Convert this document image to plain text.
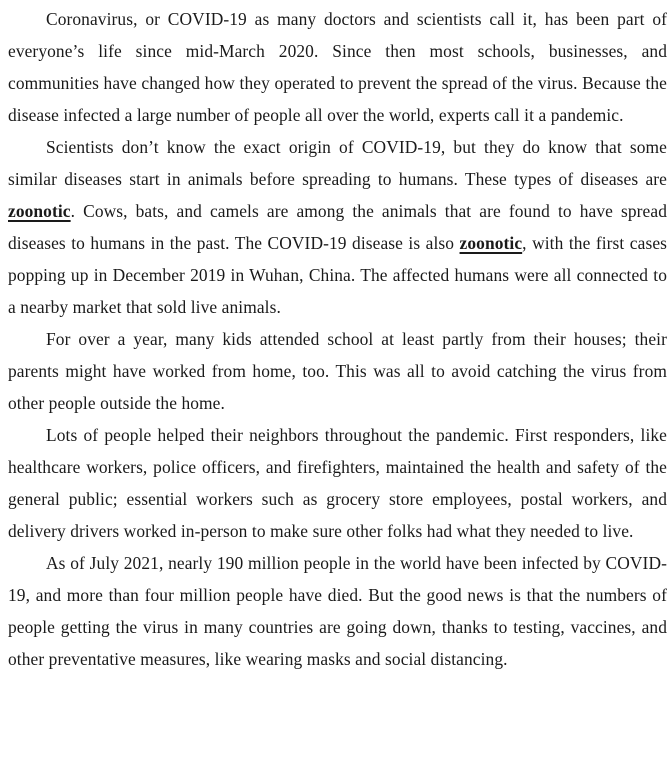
Coronavirus, or COVID-19 as many doctors and scientists call it, has been part of everyone’s life since mid-March 2020. Since then most schools, businesses, and communities have changed how they operated to prevent the spread of the virus. Because the disease infected a large number of people all over the world, experts call it a pandemic.

Scientists don’t know the exact origin of COVID-19, but they do know that some similar diseases start in animals before spreading to humans. These types of diseases are zoonotic. Cows, bats, and camels are among the animals that are found to have spread diseases to humans in the past. The COVID-19 disease is also zoonotic, with the first cases popping up in December 2019 in Wuhan, China. The affected humans were all connected to a nearby market that sold live animals.

For over a year, many kids attended school at least partly from their houses; their parents might have worked from home, too. This was all to avoid catching the virus from other people outside the home.

Lots of people helped their neighbors throughout the pandemic. First responders, like healthcare workers, police officers, and firefighters, maintained the health and safety of the general public; essential workers such as grocery store employees, postal workers, and delivery drivers worked in-person to make sure other folks had what they needed to live.

As of July 2021, nearly 190 million people in the world have been infected by COVID-19, and more than four million people have died. But the good news is that the numbers of people getting the virus in many countries are going down, thanks to testing, vaccines, and other preventative measures, like wearing masks and social distancing.
